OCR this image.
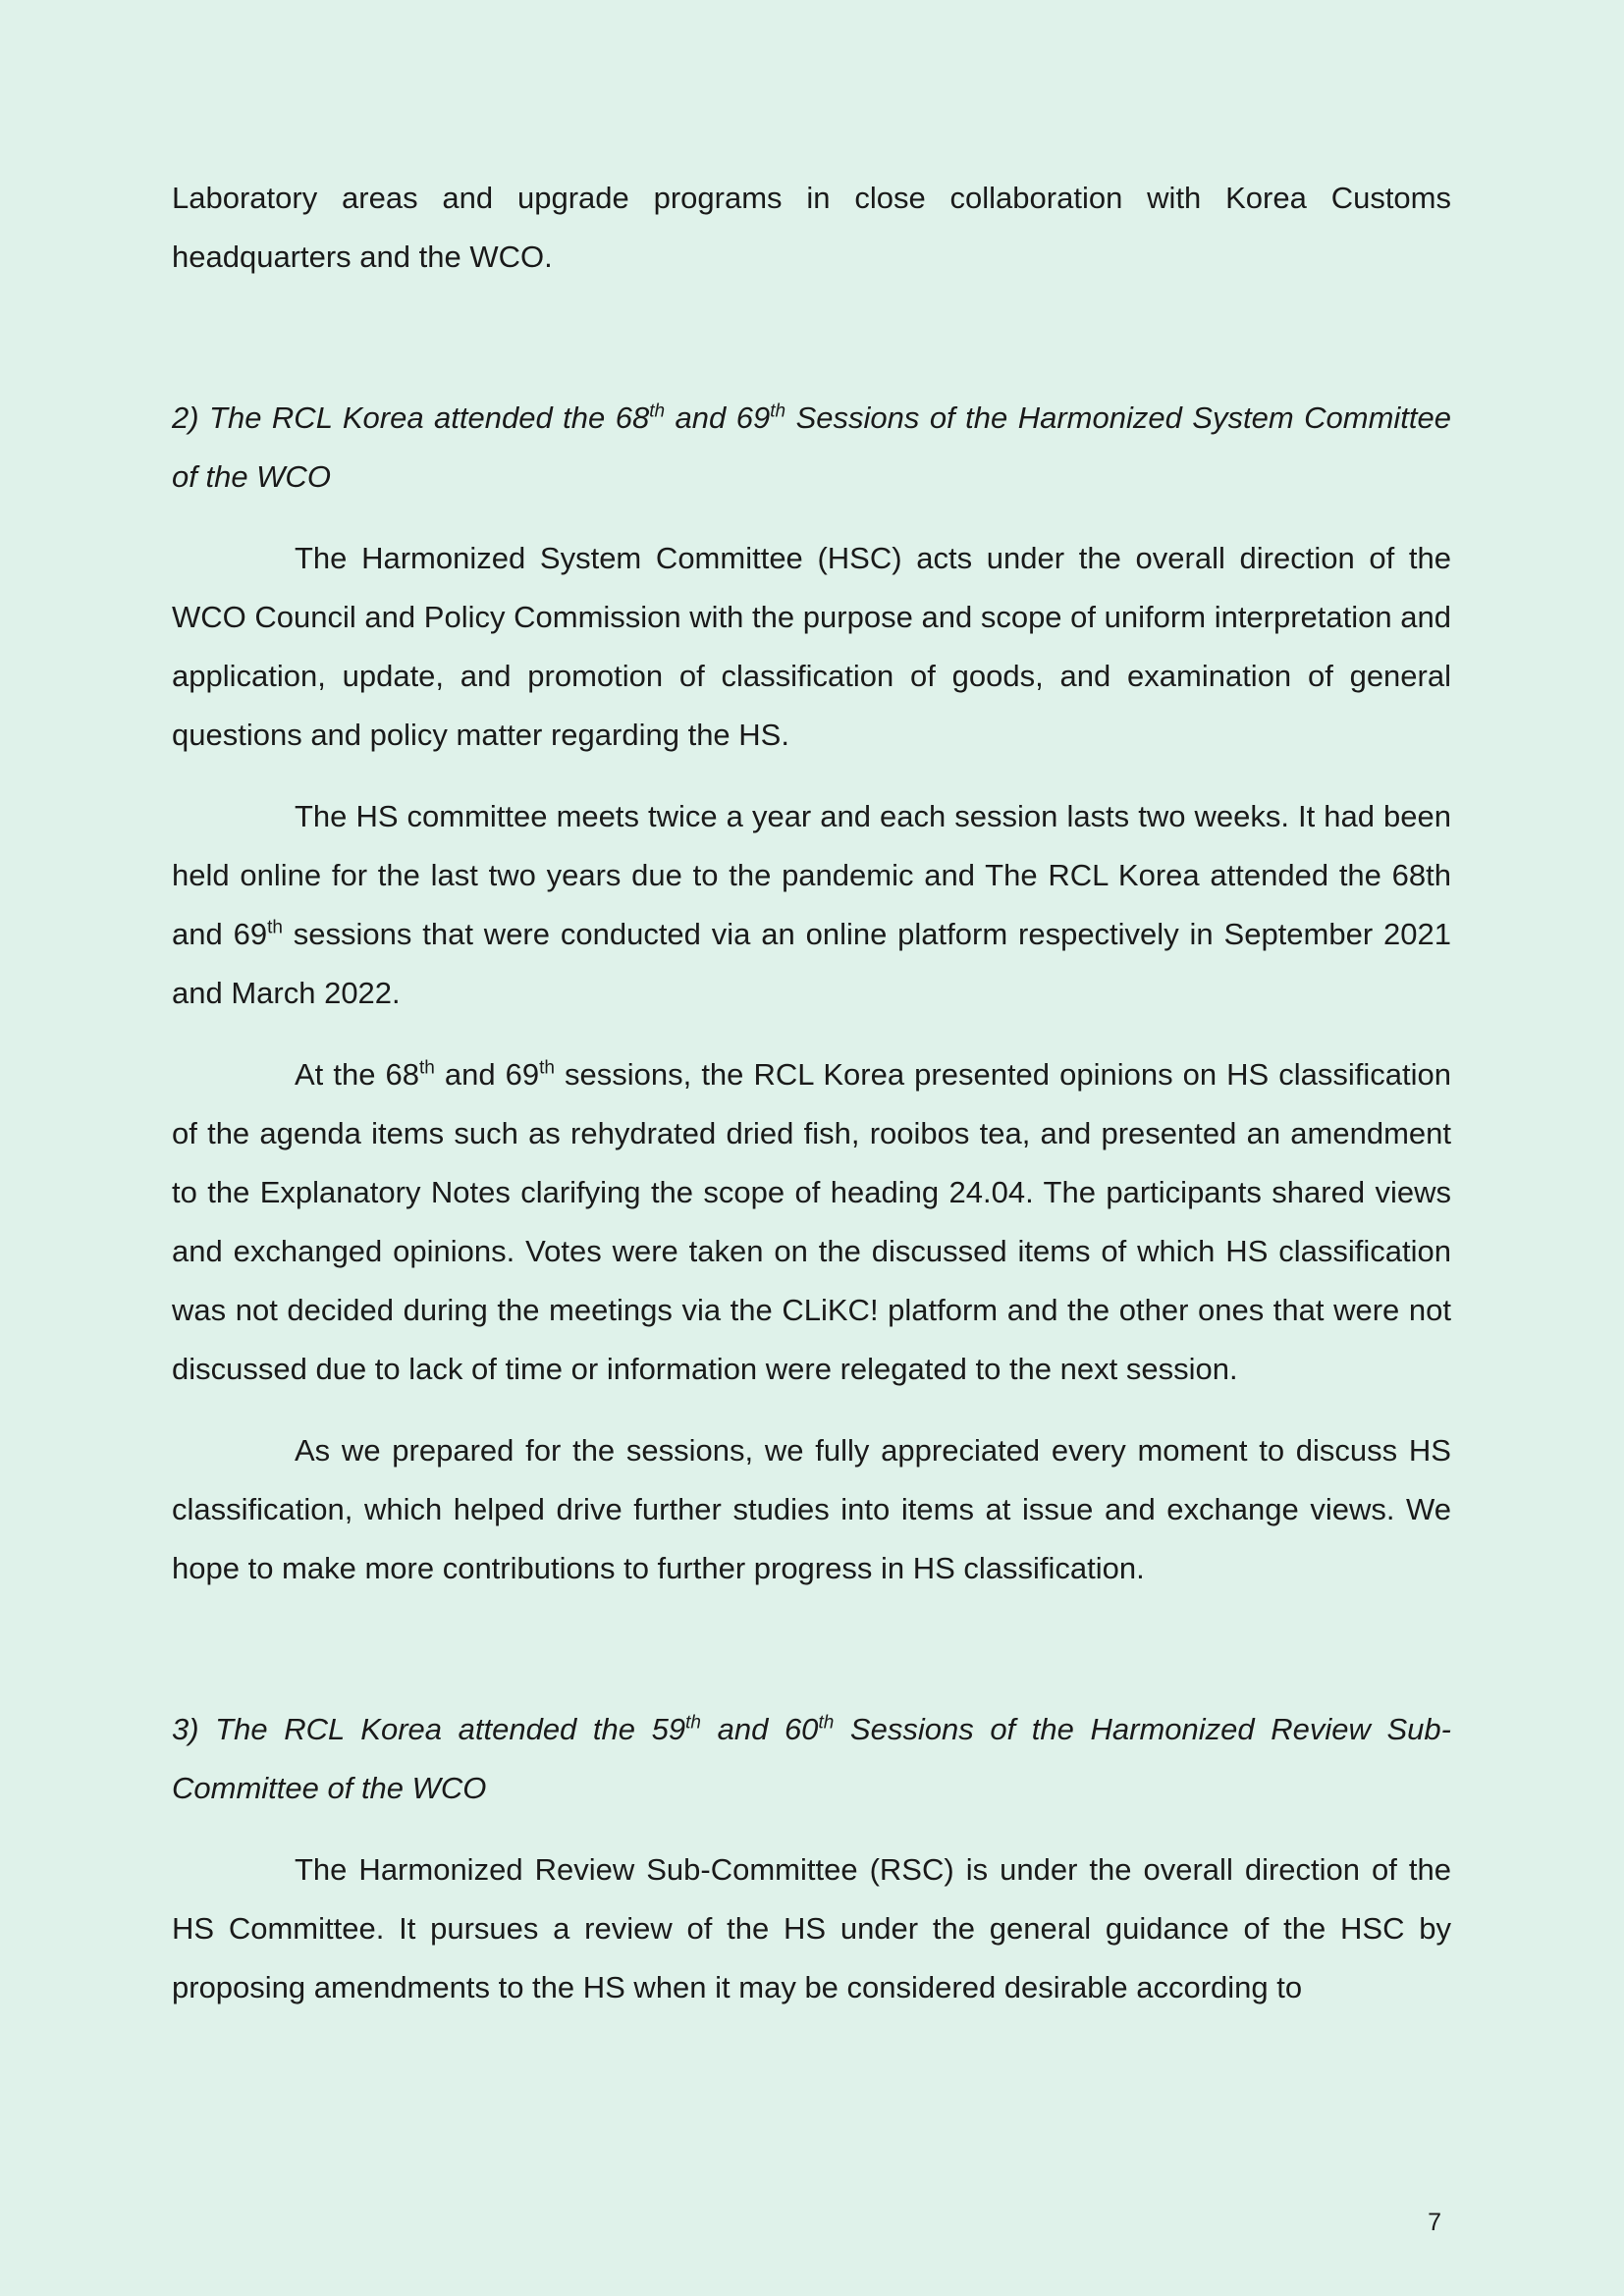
Laboratory areas and upgrade programs in close collaboration with Korea Customs headquarters and the WCO.

2) The RCL Korea attended the 68th and 69th Sessions of the Harmonized System Committee of the WCO

The Harmonized System Committee (HSC) acts under the overall direction of the WCO Council and Policy Commission with the purpose and scope of uniform interpretation and application, update, and promotion of classification of goods, and examination of general questions and policy matter regarding the HS.

The HS committee meets twice a year and each session lasts two weeks. It had been held online for the last two years due to the pandemic and The RCL Korea attended the 68th and 69th sessions that were conducted via an online platform respectively in September 2021 and March 2022.

At the 68th and 69th sessions, the RCL Korea presented opinions on HS classification of the agenda items such as rehydrated dried fish, rooibos tea, and presented an amendment to the Explanatory Notes clarifying the scope of heading 24.04. The participants shared views and exchanged opinions. Votes were taken on the discussed items of which HS classification was not decided during the meetings via the CLiKC! platform and the other ones that were not discussed due to lack of time or information were relegated to the next session.

As we prepared for the sessions, we fully appreciated every moment to discuss HS classification, which helped drive further studies into items at issue and exchange views. We hope to make more contributions to further progress in HS classification.

3) The RCL Korea attended the 59th and 60th Sessions of the Harmonized Review Sub-Committee of the WCO

The Harmonized Review Sub-Committee (RSC) is under the overall direction of the HS Committee. It pursues a review of the HS under the general guidance of the HSC by proposing amendments to the HS when it may be considered desirable according to

7
